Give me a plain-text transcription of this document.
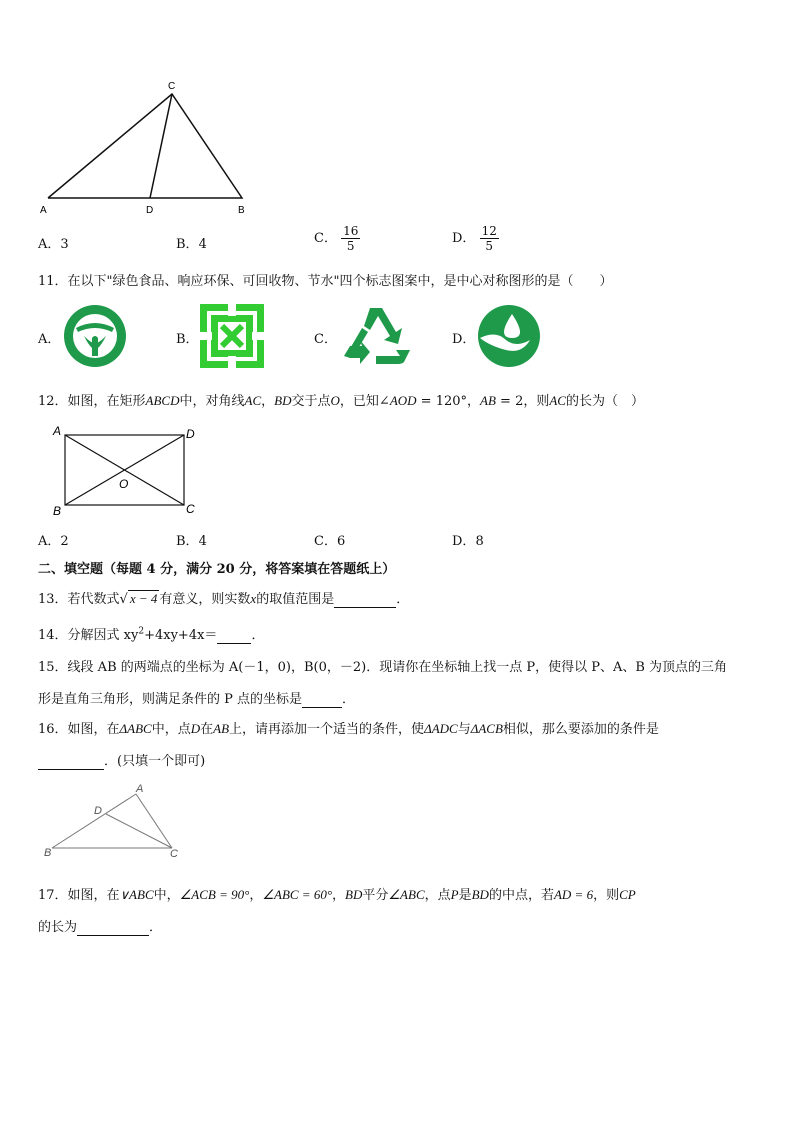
C
A	D	B
A．3	B．4	C． $\frac{16}{5}$	D． $\frac{12}{5}$
11．在以下"绿色食品、响应环保、可回收物、节水"四个标志图案中，是中心对称图形的是（　　）
A．	B．	C．	D．
12．如图，在矩形ABCD中，对角线AC，BD交于点O，已知∠AOD = 120°，AB = 2，则AC的长为（　）
A	D
B	C
O
A．2	B．4	C．6	D．8
二、填空题（每题 4 分，满分 20 分，将答案填在答题纸上）
13．若代数式√ x − 4 有意义，则实数x的取值范围是	．
14．分解因式 $xy^2+4xy+4x=$	．
15．线段 AB 的两端点的坐标为 A(－1，0)，B(0，－2)．现请你在坐标轴上找一点 P，使得以 P、A、B 为顶点的三角
形是直角三角形，则满足条件的 P 点的坐标是	．
16．如图，在ΔABC中，点D在AB上，请再添加一个适当的条件，使ΔADC与ΔACB相似，那么要添加的条件是
．(只填一个即可)
A
D
B	C
17．如图，在∨ABC中，∠ACB = 90°，∠ABC = 60°，BD平分∠ABC，点P是BD的中点，若AD = 6，则CP
的长为	．
